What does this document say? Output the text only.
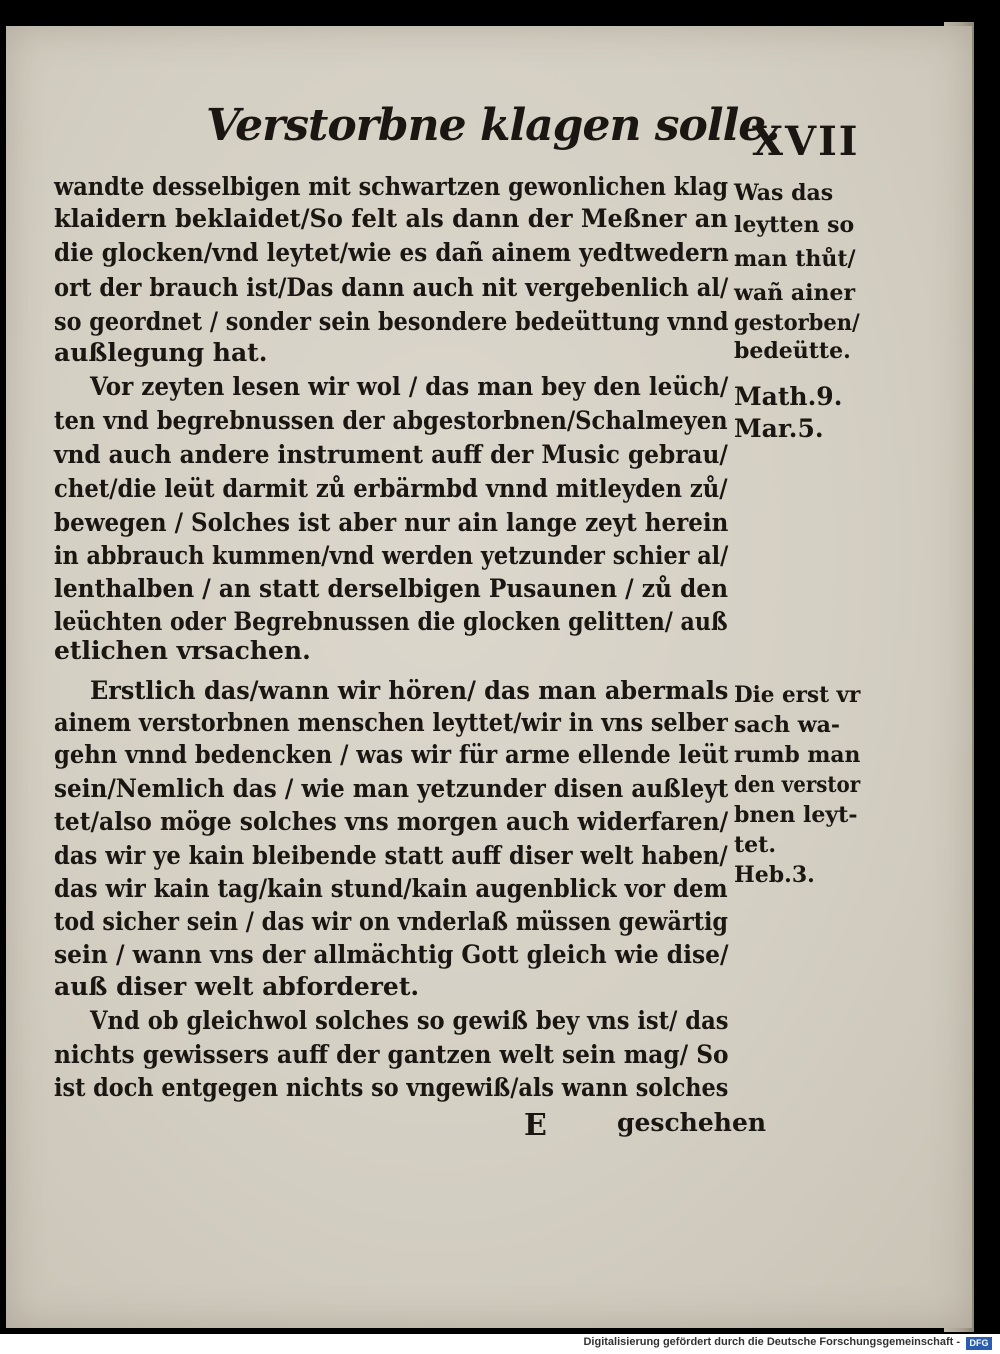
Verstorbne klagen solle.
XVII
wandte desselbigen mit schwartzen gewonlichen klag
klaidern beklaidet/So felt als dann der Meßner an
die glocken/vnd leytet/wie es dañ ainem yedtwedern
ort der brauch ist/Das dann auch nit vergebenlich al/
so geordnet / sonder sein besondere bedeüttung vnnd
außlegung hat.
Vor zeyten lesen wir wol / das man bey den leüch/
ten vnd begrebnussen der abgestorbnen/Schalmeyen
vnd auch andere instrument auff der Music gebrau/
chet/die leüt darmit zů erbärmbd vnnd mitleyden zů/
bewegen / Solches ist aber nur ain lange zeyt herein
in abbrauch kummen/vnd werden yetzunder schier al/
lenthalben / an statt derselbigen Pusaunen / zů den
leüchten oder Begrebnussen die glocken gelitten/ auß
etlichen vrsachen.
Erstlich das/wann wir hören/ das man abermals
ainem verstorbnen menschen leyttet/wir in vns selber
gehn vnnd bedencken / was wir für arme ellende leüt
sein/Nemlich das / wie man yetzunder disen außleyt
tet/also möge solches vns morgen auch widerfaren/
das wir ye kain bleibende statt auff diser welt haben/
das wir kain tag/kain stund/kain augenblick vor dem
tod sicher sein / das wir on vnderlaß müssen gewärtig
sein / wann vns der allmächtig Gott gleich wie dise/
auß diser welt abforderet.
Vnd ob gleichwol solches so gewiß bey vns ist/ das
nichts gewissers auff der gantzen welt sein mag/ So
ist doch entgegen nichts so vngewiß/als wann solches
E	geschehen
Was das
leytten so
man thůt/
wañ ainer
gestorben/
bedeütte.
Math.9.
Mar.5.
Die erst vr
sach wa-
rumb man
den verstor
bnen leyt-
tet.
Heb.3.
Digitalisierung gefördert durch die Deutsche Forschungsgemeinschaft -	DFG
